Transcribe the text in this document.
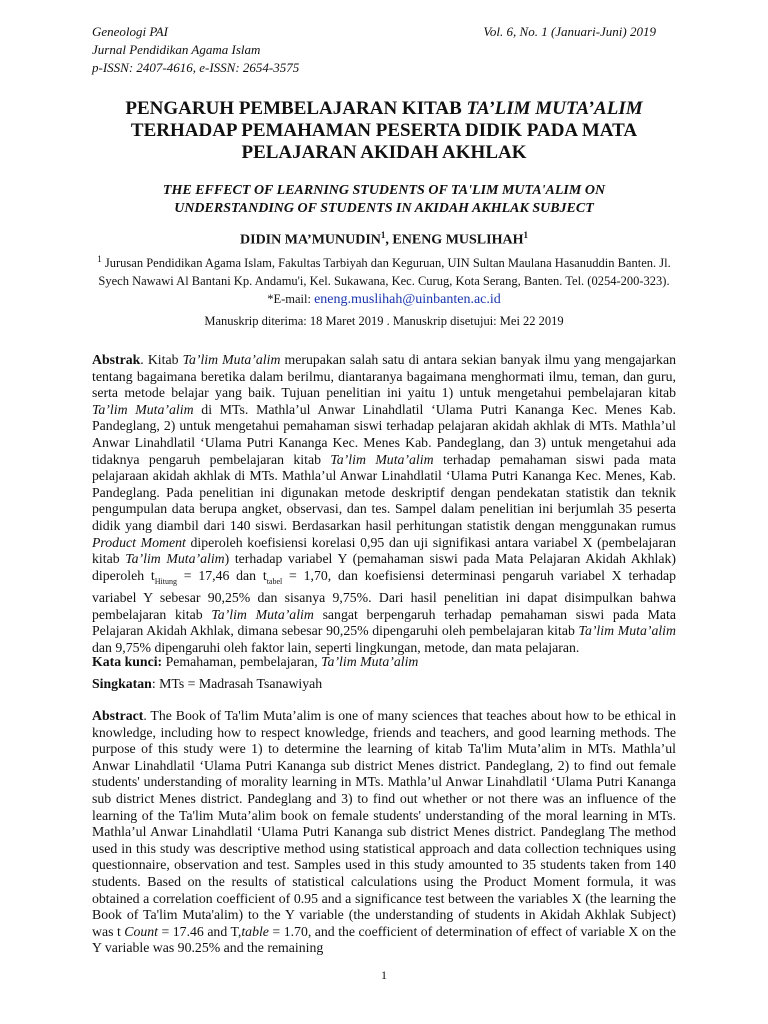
Geneologi PAI
Jurnal Pendidikan Agama Islam
p-ISSN: 2407-4616, e-ISSN: 2654-3575
Vol. 6, No. 1 (Januari-Juni) 2019
PENGARUH PEMBELAJARAN KITAB TA’LIM MUTA’ALIM
TERHADAP PEMAHAMAN PESERTA DIDIK PADA MATA
PELAJARAN AKIDAH AKHLAK
THE EFFECT OF LEARNING STUDENTS OF TA'LIM MUTA'ALIM ON
UNDERSTANDING OF STUDENTS IN AKIDAH AKHLAK SUBJECT
DIDIN MA’MUNUDIN$^1$, ENENG MUSLIHAH$^1$
$^1$ Jurusan Pendidikan Agama Islam, Fakultas Tarbiyah dan Keguruan, UIN Sultan Maulana Hasanuddin Banten. Jl. Syech Nawawi Al Bantani Kp. Andamu'i, Kel. Sukawana, Kec. Curug, Kota Serang, Banten. Tel. (0254-200-323). *E-mail: eneng.muslihah@uinbanten.ac.id
Manuskrip diterima: 18 Maret 2019 . Manuskrip disetujui: Mei 22 2019
Abstrak. Kitab Ta’lim Muta’alim merupakan salah satu di antara sekian banyak ilmu yang mengajarkan tentang bagaimana beretika dalam berilmu, diantaranya bagaimana menghormati ilmu, teman, dan guru, serta metode belajar yang baik. Tujuan penelitian ini yaitu 1) untuk mengetahui pembelajaran kitab Ta’lim Muta’alim di MTs. Mathla’ul Anwar Linahdlatil ‘Ulama Putri Kananga Kec. Menes Kab. Pandeglang, 2) untuk mengetahui pemahaman siswi terhadap pelajaran akidah akhlak di MTs. Mathla’ul Anwar Linahdlatil ‘Ulama Putri Kananga Kec. Menes Kab. Pandeglang, dan 3) untuk mengetahui ada tidaknya pengaruh pembelajaran kitab Ta’lim Muta’alim terhadap pemahaman siswi pada mata pelajaraan akidah akhlak di MTs. Mathla’ul Anwar Linahdlatil ‘Ulama Putri Kananga Kec. Menes, Kab. Pandeglang. Pada penelitian ini digunakan metode deskriptif dengan pendekatan statistik dan teknik pengumpulan data berupa angket, observasi, dan tes. Sampel dalam penelitian ini berjumlah 35 peserta didik yang diambil dari 140 siswi. Berdasarkan hasil perhitungan statistik dengan menggunakan rumus Product Moment diperoleh koefisiensi korelasi 0,95 dan uji signifikasi antara variabel X (pembelajaran kitab Ta’lim Muta’alim) terhadap variabel Y (pemahaman siswi pada Mata Pelajaran Akidah Akhlak) diperoleh $t_{Hitung} = 17,46$ dan $t_{tabel} = 1,70$, dan koefisiensi determinasi pengaruh variabel X terhadap variabel Y sebesar 90,25% dan sisanya 9,75%. Dari hasil penelitian ini dapat disimpulkan bahwa pembelajaran kitab Ta’lim Muta’alim sangat berpengaruh terhadap pemahaman siswi pada Mata Pelajaran Akidah Akhlak, dimana sebesar 90,25% dipengaruhi oleh pembelajaran kitab Ta’lim Muta’alim dan 9,75% dipengaruhi oleh faktor lain, seperti lingkungan, metode, dan mata pelajaran.
Kata kunci: Pemahaman, pembelajaran, Ta’lim Muta’alim
Singkatan: MTs = Madrasah Tsanawiyah
Abstract. The Book of Ta'lim Muta’alim is one of many sciences that teaches about how to be ethical in knowledge, including how to respect knowledge, friends and teachers, and good learning methods. The purpose of this study were 1) to determine the learning of kitab Ta'lim Muta’alim in MTs. Mathla’ul Anwar Linahdlatil ‘Ulama Putri Kananga sub district Menes district. Pandeglang, 2) to find out female students' understanding of morality learning in MTs. Mathla’ul Anwar Linahdlatil ‘Ulama Putri Kananga sub district Menes district. Pandeglang and 3) to find out whether or not there was an influence of the learning of the Ta'lim Muta’alim book on female students' understanding of the moral learning in MTs. Mathla’ul Anwar Linahdlatil ‘Ulama Putri Kananga sub district Menes district. Pandeglang The method used in this study was descriptive method using statistical approach and data collection techniques using questionnaire, observation and test. Samples used in this study amounted to 35 students taken from 140 students. Based on the results of statistical calculations using the Product Moment formula, it was obtained a correlation coefficient of 0.95 and a significance test between the variables X (the learning the Book of Ta'lim Muta'alim) to the Y variable (the understanding of students in Akidah Akhlak Subject) was t Count = 17.46 and T,table = 1.70, and the coefficient of determination of effect of variable X on the Y variable was 90.25% and the remaining
1
